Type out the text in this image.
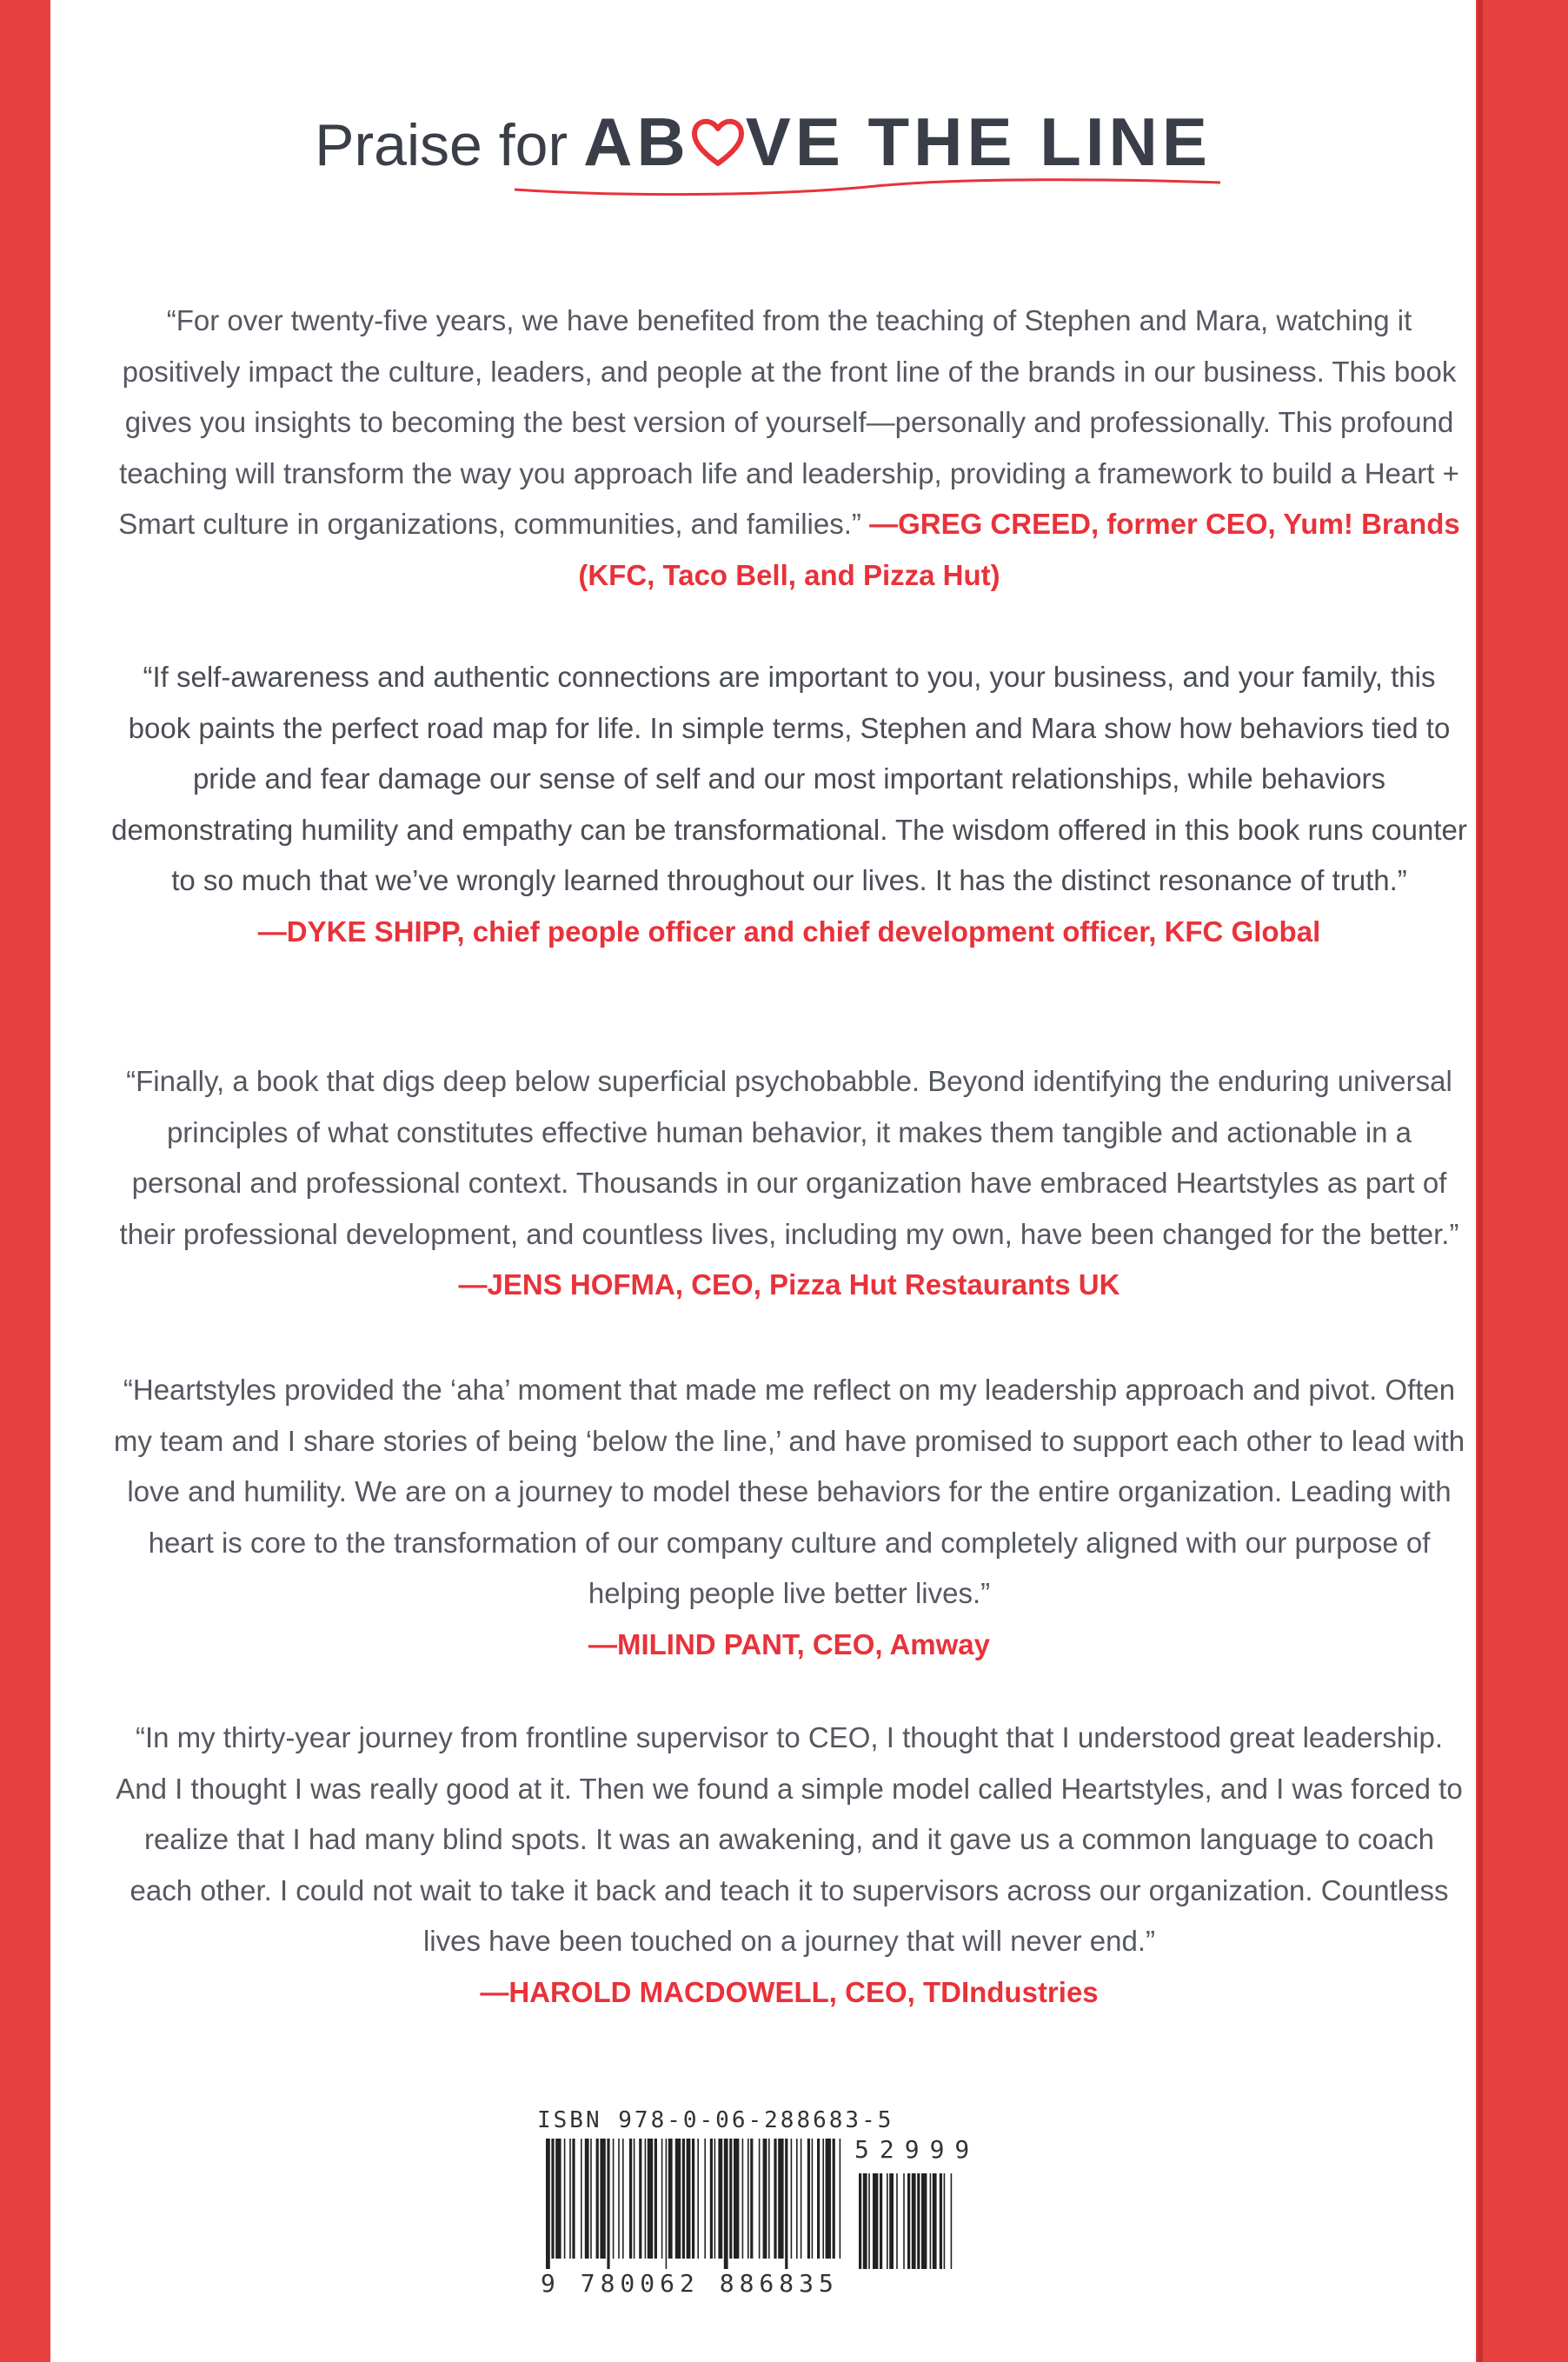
Praise for AB VE THE LINE
“For over twenty-five years, we have benefited from the teaching of Stephen and Mara, watching it positively impact the culture, leaders, and people at the front line of the brands in our business. This book gives you insights to becoming the best version of yourself—personally and professionally. This profound teaching will transform the way you approach life and leadership, providing a framework to build a Heart + Smart culture in organizations, communities, and families.” —GREG CREED, former CEO, Yum! Brands (KFC, Taco Bell, and Pizza Hut)
“If self-awareness and authentic connections are important to you, your business, and your family, this book paints the perfect road map for life. In simple terms, Stephen and Mara show how behaviors tied to pride and fear damage our sense of self and our most important relationships, while behaviors demonstrating humility and empathy can be transformational. The wisdom offered in this book runs counter to so much that we’ve wrongly learned throughout our lives. It has the distinct resonance of truth.”
—DYKE SHIPP, chief people officer and chief development officer, KFC Global
“Finally, a book that digs deep below superficial psychobabble. Beyond identifying the enduring universal principles of what constitutes effective human behavior, it makes them tangible and actionable in a personal and professional context. Thousands in our organization have embraced Heartstyles as part of their professional development, and countless lives, including my own, have been changed for the better.” —JENS HOFMA, CEO, Pizza Hut Restaurants UK
“Heartstyles provided the ‘aha’ moment that made me reflect on my leadership approach and pivot. Often my team and I share stories of being ‘below the line,’ and have promised to support each other to lead with love and humility. We are on a journey to model these behaviors for the entire organization. Leading with heart is core to the transformation of our company culture and completely aligned with our purpose of helping people live better lives.”
—MILIND PANT, CEO, Amway
“In my thirty-year journey from frontline supervisor to CEO, I thought that I understood great leadership. And I thought I was really good at it. Then we found a simple model called Heartstyles, and I was forced to realize that I had many blind spots. It was an awakening, and it gave us a common language to coach each other. I could not wait to take it back and teach it to supervisors across our organization. Countless lives have been touched on a journey that will never end.”
—HAROLD MACDOWELL, CEO, TDIndustries
ISBN 978-0-06-288683-5
9 780062 886835
52999
